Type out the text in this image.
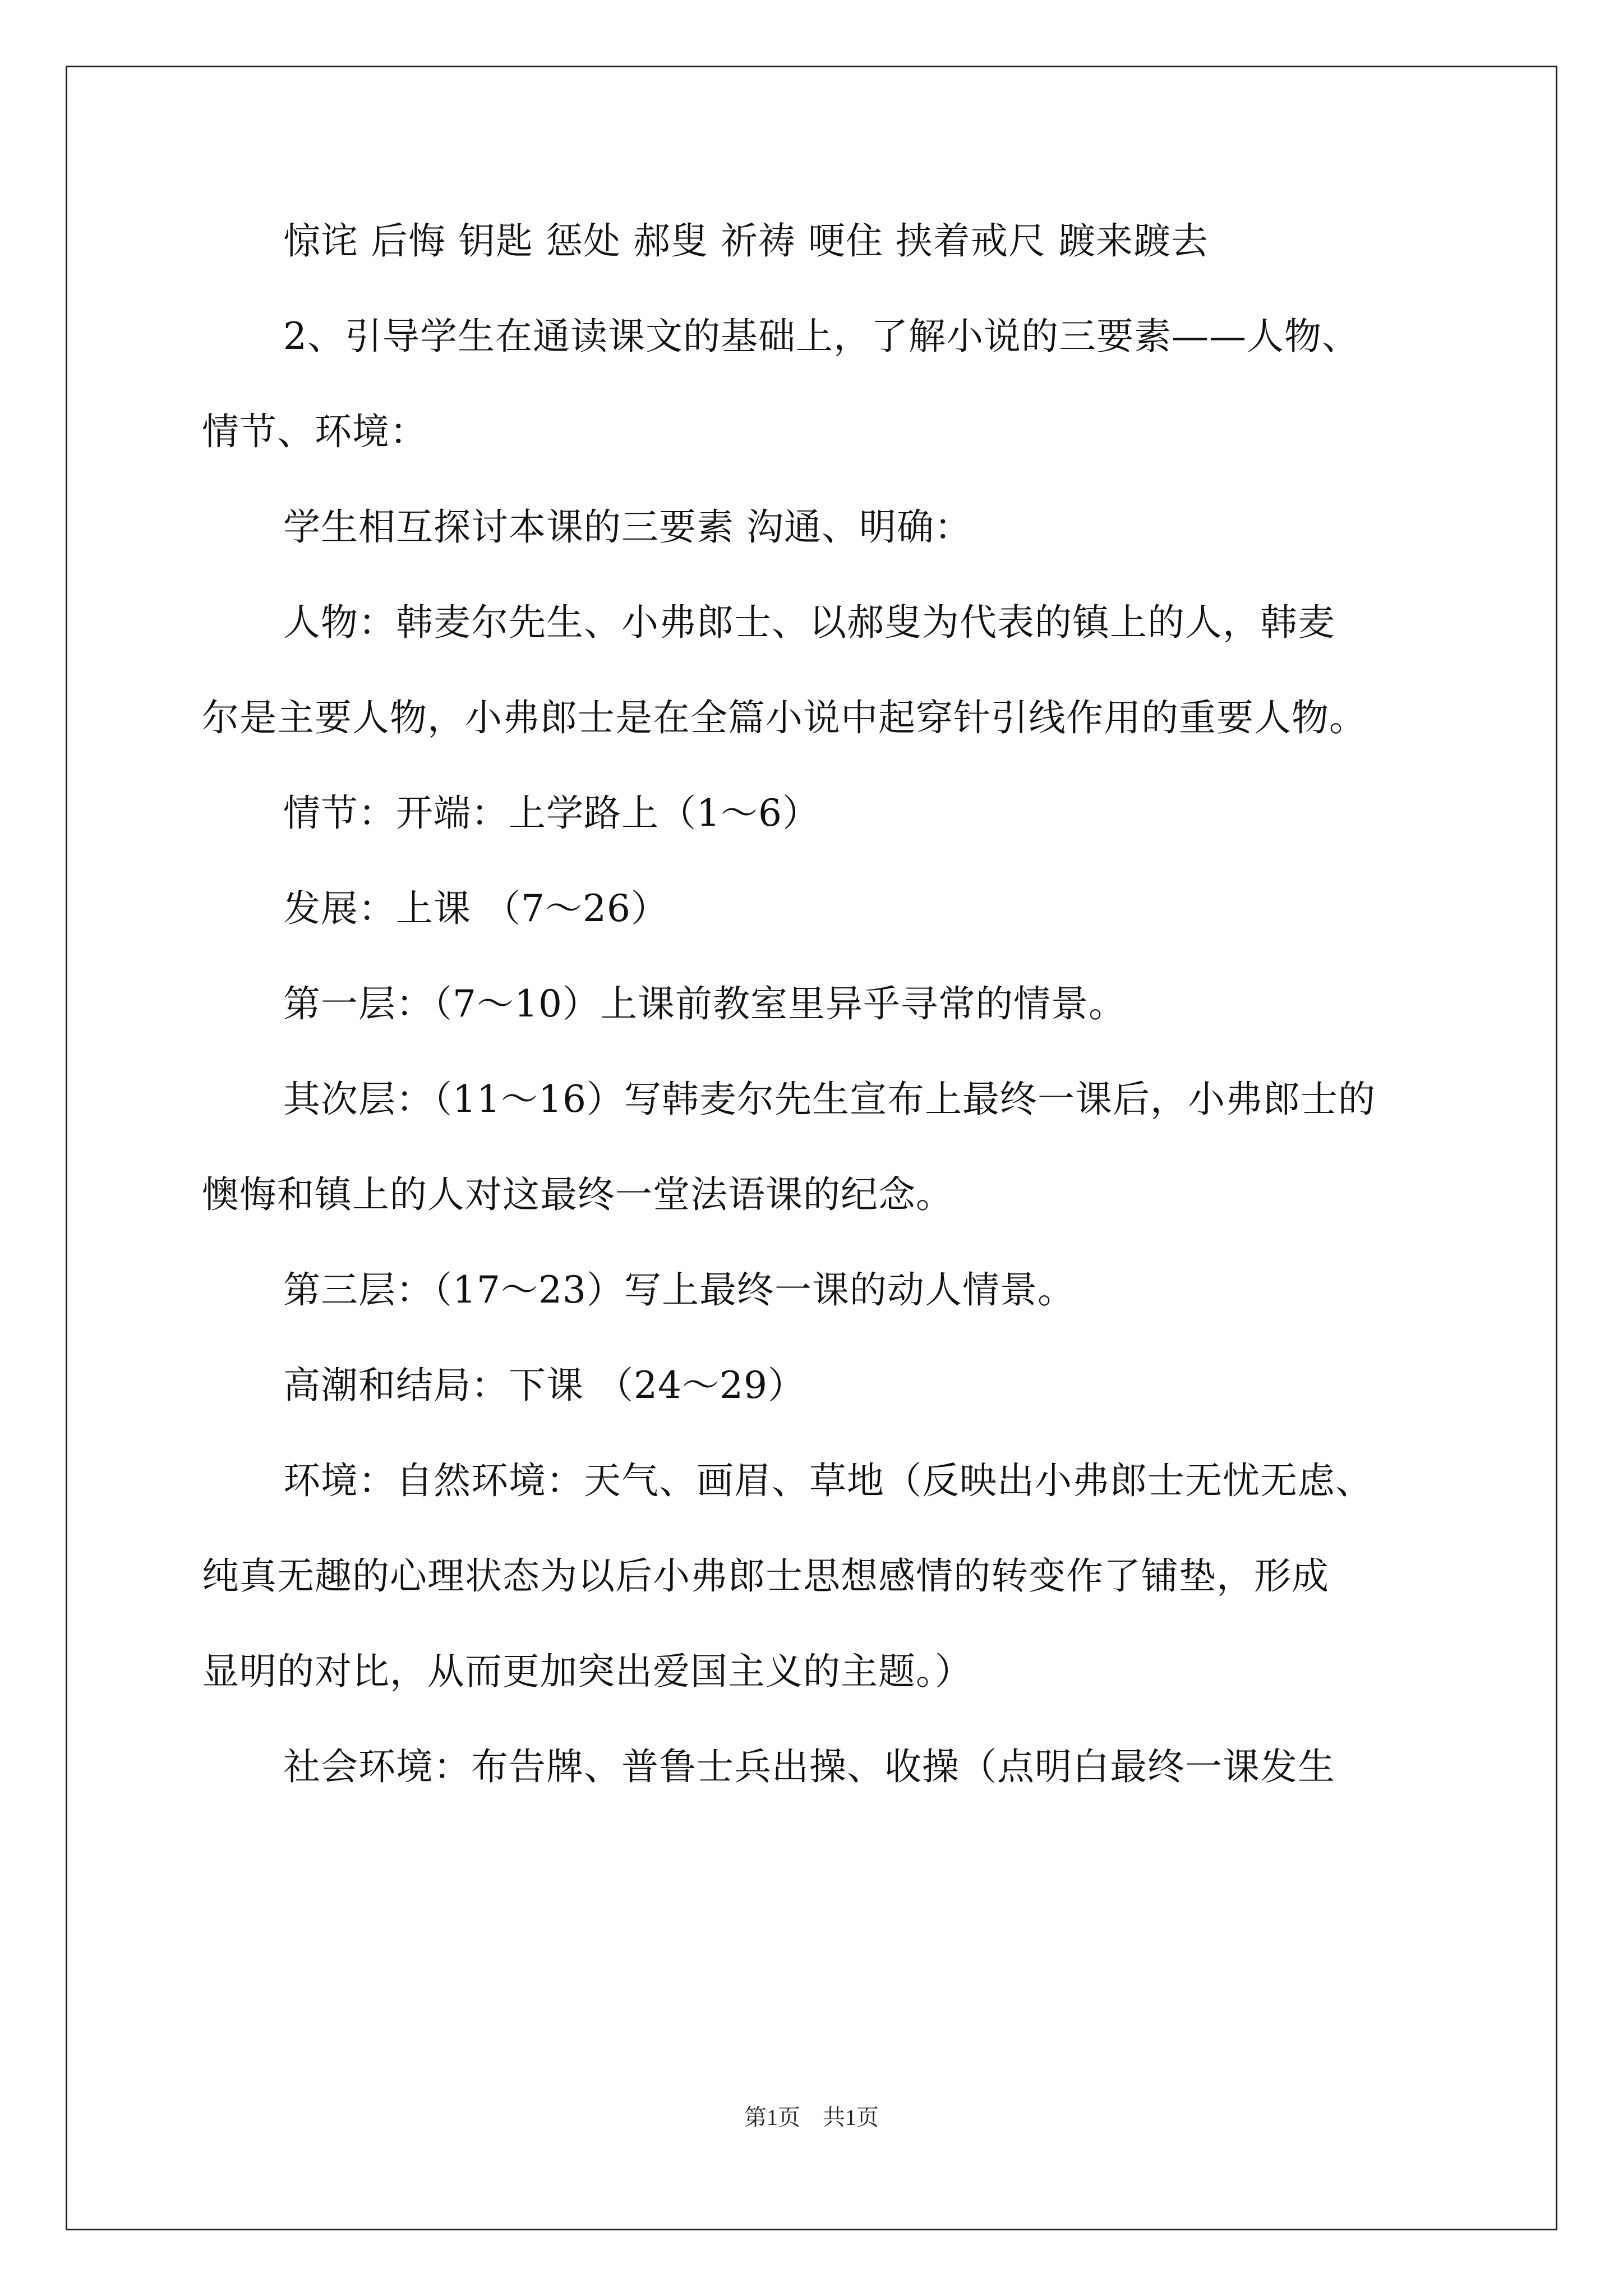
惊诧 后悔 钥匙 惩处 郝叟 祈祷 哽住 挟着戒尺 踱来踱去
2、引导学生在通读课文的基础上，了解小说的三要素——人物、
情节、环境：
学生相互探讨本课的三要素 沟通、明确：
人物：韩麦尔先生、小弗郎士、以郝叟为代表的镇上的人，韩麦
尔是主要人物，小弗郎士是在全篇小说中起穿针引线作用的重要人物。
情节：开端：上学路上（1～6）
发展：上课 （7～26）
第一层：（7～10）上课前教室里异乎寻常的情景。
其次层：（11～16）写韩麦尔先生宣布上最终一课后，小弗郎士的
懊悔和镇上的人对这最终一堂法语课的纪念。
第三层：（17～23）写上最终一课的动人情景。
高潮和结局：下课 （24～29）
环境：自然环境：天气、画眉、草地（反映出小弗郎士无忧无虑、
纯真无趣的心理状态为以后小弗郎士思想感情的转变作了铺垫，形成
显明的对比，从而更加突出爱国主义的主题。）
社会环境：布告牌、普鲁士兵出操、收操（点明白最终一课发生
第1页　共1页
